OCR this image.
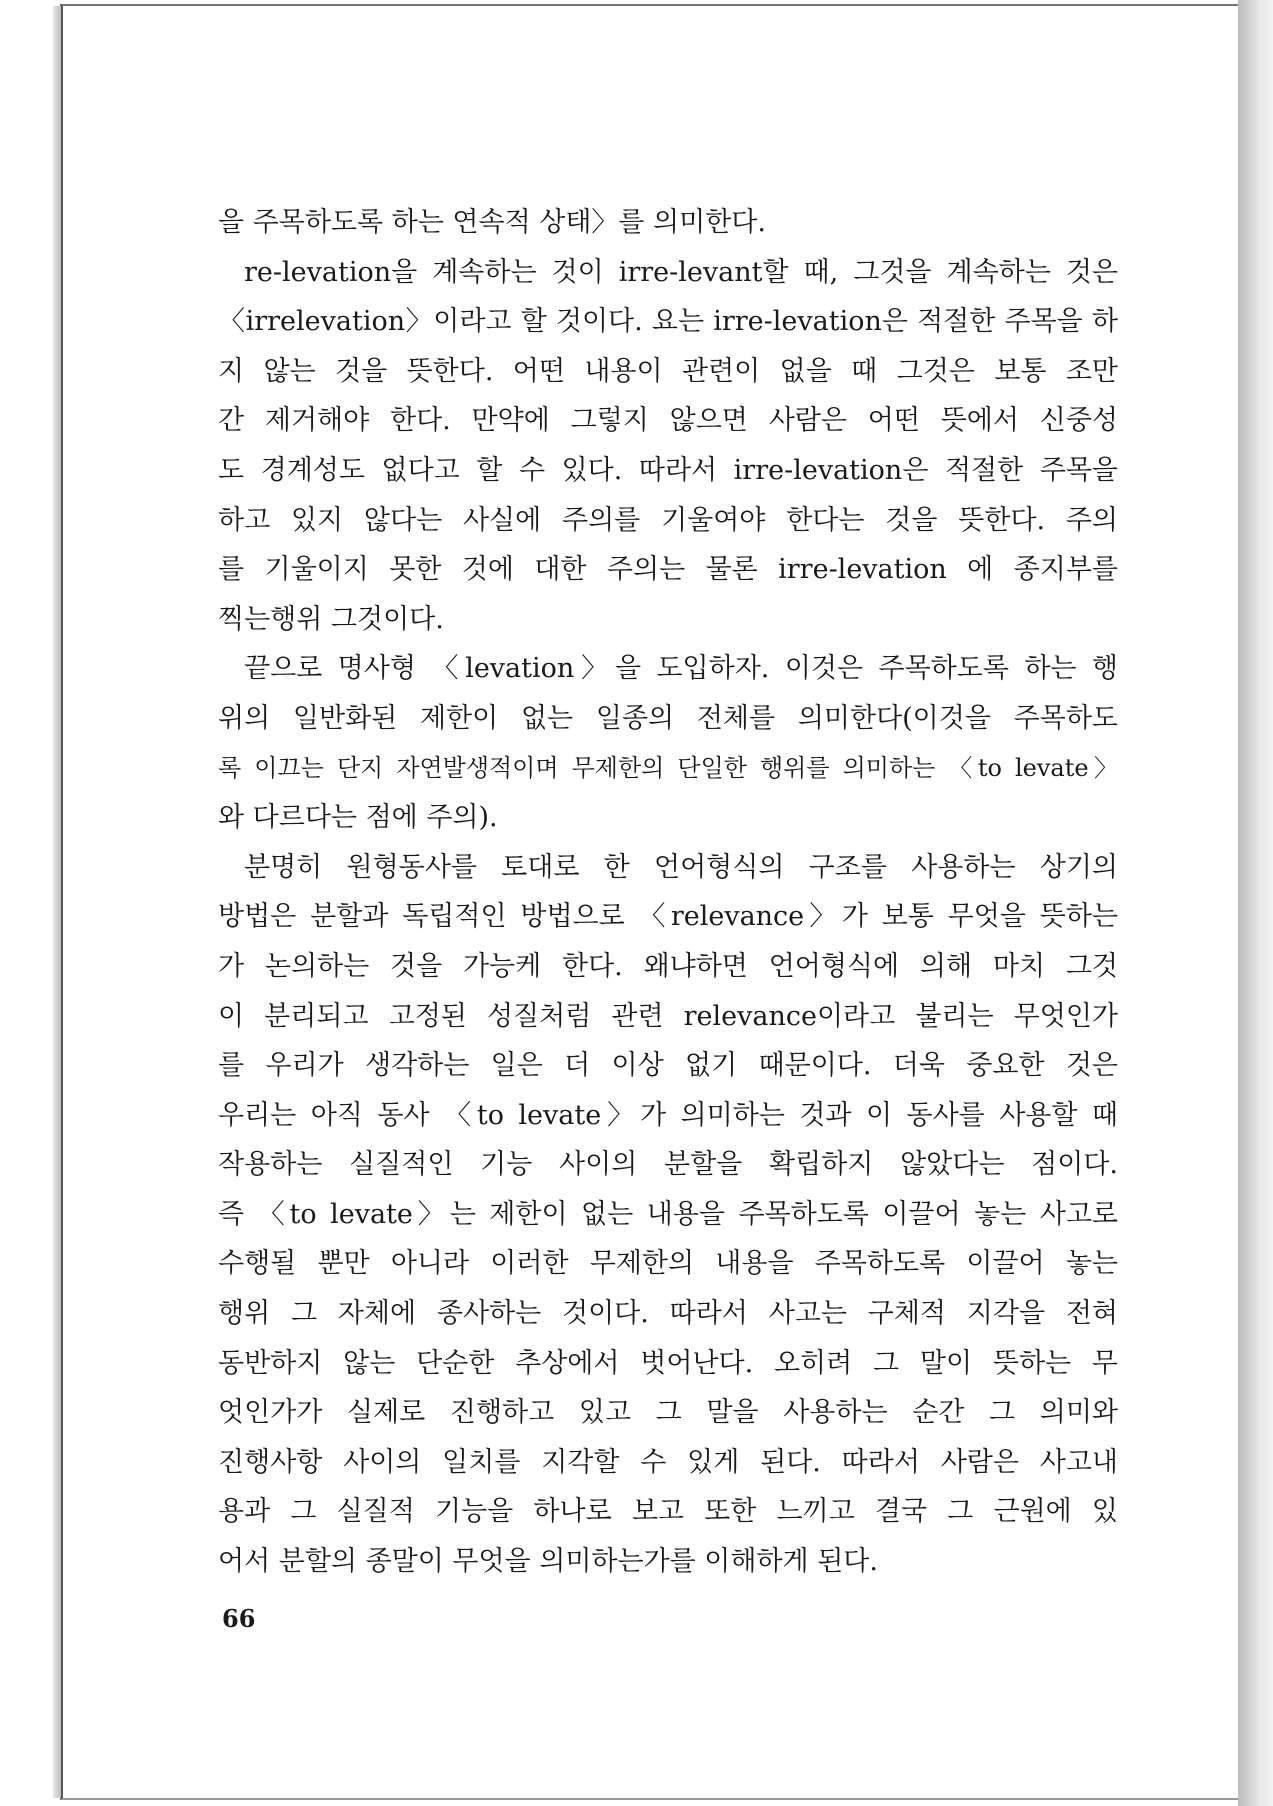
을 주목하도록 하는 연속적 상태〉를 의미한다.
re-levation을 계속하는 것이 irre-levant할 때, 그것을 계속하는 것은
〈irrelevation〉이라고 할 것이다. 요는 irre-levation은 적절한 주목을 하
지 않는 것을 뜻한다. 어떤 내용이 관련이 없을 때 그것은 보통 조만
간 제거해야 한다. 만약에 그렇지 않으면 사람은 어떤 뜻에서 신중성
도 경계성도 없다고 할 수 있다. 따라서 irre-levation은 적절한 주목을
하고 있지 않다는 사실에 주의를 기울여야 한다는 것을 뜻한다. 주의
를 기울이지 못한 것에 대한 주의는 물론 irre-levation 에 종지부를
찍는행위 그것이다.
끝으로 명사형 〈levation〉을 도입하자. 이것은 주목하도록 하는 행
위의 일반화된 제한이 없는 일종의 전체를 의미한다(이것을 주목하도
록 이끄는 단지 자연발생적이며 무제한의 단일한 행위를 의미하는 〈to levate〉
와 다르다는 점에 주의).
분명히 원형동사를 토대로 한 언어형식의 구조를 사용하는 상기의
방법은 분할과 독립적인 방법으로 〈relevance〉가 보통 무엇을 뜻하는
가 논의하는 것을 가능케 한다. 왜냐하면 언어형식에 의해 마치 그것
이 분리되고 고정된 성질처럼 관련 relevance이라고 불리는 무엇인가
를 우리가 생각하는 일은 더 이상 없기 때문이다. 더욱 중요한 것은
우리는 아직 동사 〈to levate〉가 의미하는 것과 이 동사를 사용할 때
작용하는 실질적인 기능 사이의 분할을 확립하지 않았다는 점이다.
즉 〈to levate〉는 제한이 없는 내용을 주목하도록 이끌어 놓는 사고로
수행될 뿐만 아니라 이러한 무제한의 내용을 주목하도록 이끌어 놓는
행위 그 자체에 종사하는 것이다. 따라서 사고는 구체적 지각을 전혀
동반하지 않는 단순한 추상에서 벗어난다. 오히려 그 말이 뜻하는 무
엇인가가 실제로 진행하고 있고 그 말을 사용하는 순간 그 의미와
진행사항 사이의 일치를 지각할 수 있게 된다. 따라서 사람은 사고내
용과 그 실질적 기능을 하나로 보고 또한 느끼고 결국 그 근원에 있
어서 분할의 종말이 무엇을 의미하는가를 이해하게 된다.
66
